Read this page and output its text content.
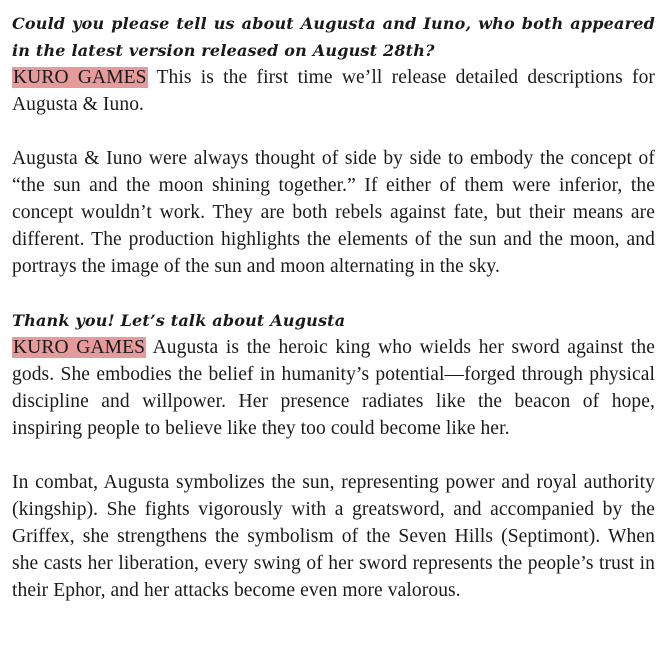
Could you please tell us about Augusta and Iuno, who both appeared in the latest version released on August 28th?

KURO GAMES This is the first time we’ll release detailed descriptions for Augusta & Iuno.

Augusta & Iuno were always thought of side by side to embody the concept of “the sun and the moon shining together.” If either of them were inferior, the concept wouldn’t work. They are both rebels against fate, but their means are different. The production highlights the elements of the sun and the moon, and portrays the image of the sun and moon alternating in the sky.

Thank you! Let’s talk about Augusta

KURO GAMES Augusta is the heroic king who wields her sword against the gods. She embodies the belief in humanity’s potential—forged through physical discipline and willpower. Her presence radiates like the beacon of hope, inspiring people to believe like they too could become like her.

In combat, Augusta symbolizes the sun, representing power and royal authority (kingship). She fights vigorously with a greatsword, and accompanied by the Griffex, she strengthens the symbolism of the Seven Hills (Septimont). When she casts her liberation, every swing of her sword represents the people’s trust in their Ephor, and her attacks become even more valorous.
